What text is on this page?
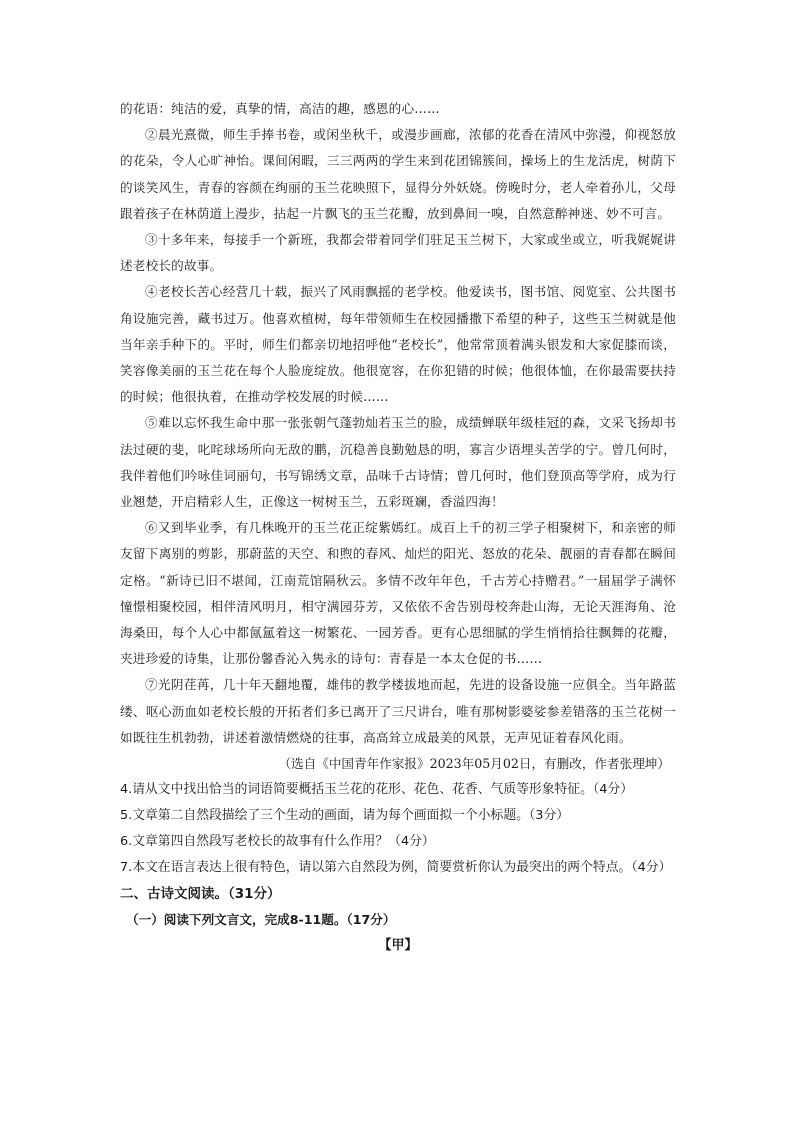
的花语：纯洁的爱，真挚的情，高洁的趣，感恩的心……

②晨光熹微，师生手捧书卷，或闲坐秋千，或漫步画廊，浓郁的花香在清风中弥漫，仰视怒放的花朵，令人心旷神怡。课间闲暇，三三两两的学生来到花团锦簇间，操场上的生龙活虎，树荫下的谈笑风生，青春的容颜在绚丽的玉兰花映照下，显得分外妖娆。傍晚时分，老人牵着孙儿，父母跟着孩子在林荫道上漫步，拈起一片飘飞的玉兰花瓣，放到鼻间一嗅，自然意醉神迷、妙不可言。

③十多年来，每接手一个新班，我都会带着同学们驻足玉兰树下，大家或坐或立，听我娓娓讲述老校长的故事。

④老校长苦心经营几十载，振兴了风雨飘摇的老学校。他爱读书，图书馆、阅览室、公共图书角设施完善，藏书过万。他喜欢植树，每年带领师生在校园播撒下希望的种子，这些玉兰树就是他当年亲手种下的。平时，师生们都亲切地招呼他“老校长”，他常常顶着满头银发和大家促膝而谈，笑容像美丽的玉兰花在每个人脸庞绽放。他很宽容，在你犯错的时候；他很体恤，在你最需要扶持的时候；他很执着，在推动学校发展的时候……

⑤难以忘怀我生命中那一张张朝气蓬勃灿若玉兰的脸，成绩蝉联年级桂冠的森，文采飞扬却书法过硬的斐，叱咤球场所向无敌的鹏，沉稳善良勤勉恳的明，寡言少语埋头苦学的宁。曾几何时，我伴着他们吟咏佳词丽句，书写锦绣文章，品味千古诗情；曾几何时，他们登顶高等学府，成为行业翘楚，开启精彩人生，正像这一树树玉兰，五彩斑斓，香溢四海！

⑥又到毕业季，有几株晚开的玉兰花正绽紫嫣红。成百上千的初三学子相聚树下，和亲密的师友留下离别的剪影，那蔚蓝的天空、和煦的春风、灿烂的阳光、怒放的花朵、靓丽的青春都在瞬间定格。“新诗已旧不堪闻，江南荒馆隔秋云。多情不改年年色，千古芳心持赠君。”一届届学子满怀憧憬相聚校园，相伴清风明月，相守满园芬芳，又依依不舍告别母校奔赴山海，无论天涯海角、沧海桑田，每个人心中都氤氲着这一树繁花、一园芳香。更有心思细腻的学生悄悄拾往飘舞的花瓣，夹进珍爱的诗集，让那份馨香沁入隽永的诗句：青春是一本太仓促的书……

⑦光阴荏苒，几十年天翻地覆，雄伟的教学楼拔地而起，先进的设备设施一应俱全。当年路蓝缕、呕心沥血如老校长般的开拓者们多已离开了三尺讲台，唯有那树影婆娑参差错落的玉兰花树一如既往生机勃勃，讲述着激情燃烧的往事，高高耸立成最美的风景，无声见证着春风化雨。

（选自《中国青年作家报》2023年05月02日，有删改，作者张理坤）

4.请从文中找出恰当的词语简要概括玉兰花的花形、花色、花香、气质等形象特征。（4分）

5.文章第二自然段描绘了三个生动的画面，请为每个画面拟一个小标题。（3分）

6.文章第四自然段写老校长的故事有什么作用？（4分）

7.本文在语言表达上很有特色，请以第六自然段为例，简要赏析你认为最突出的两个特点。（4分）

二、古诗文阅读。（31分）

（一）阅读下列文言文，完成8-11题。（17分）

【甲】
